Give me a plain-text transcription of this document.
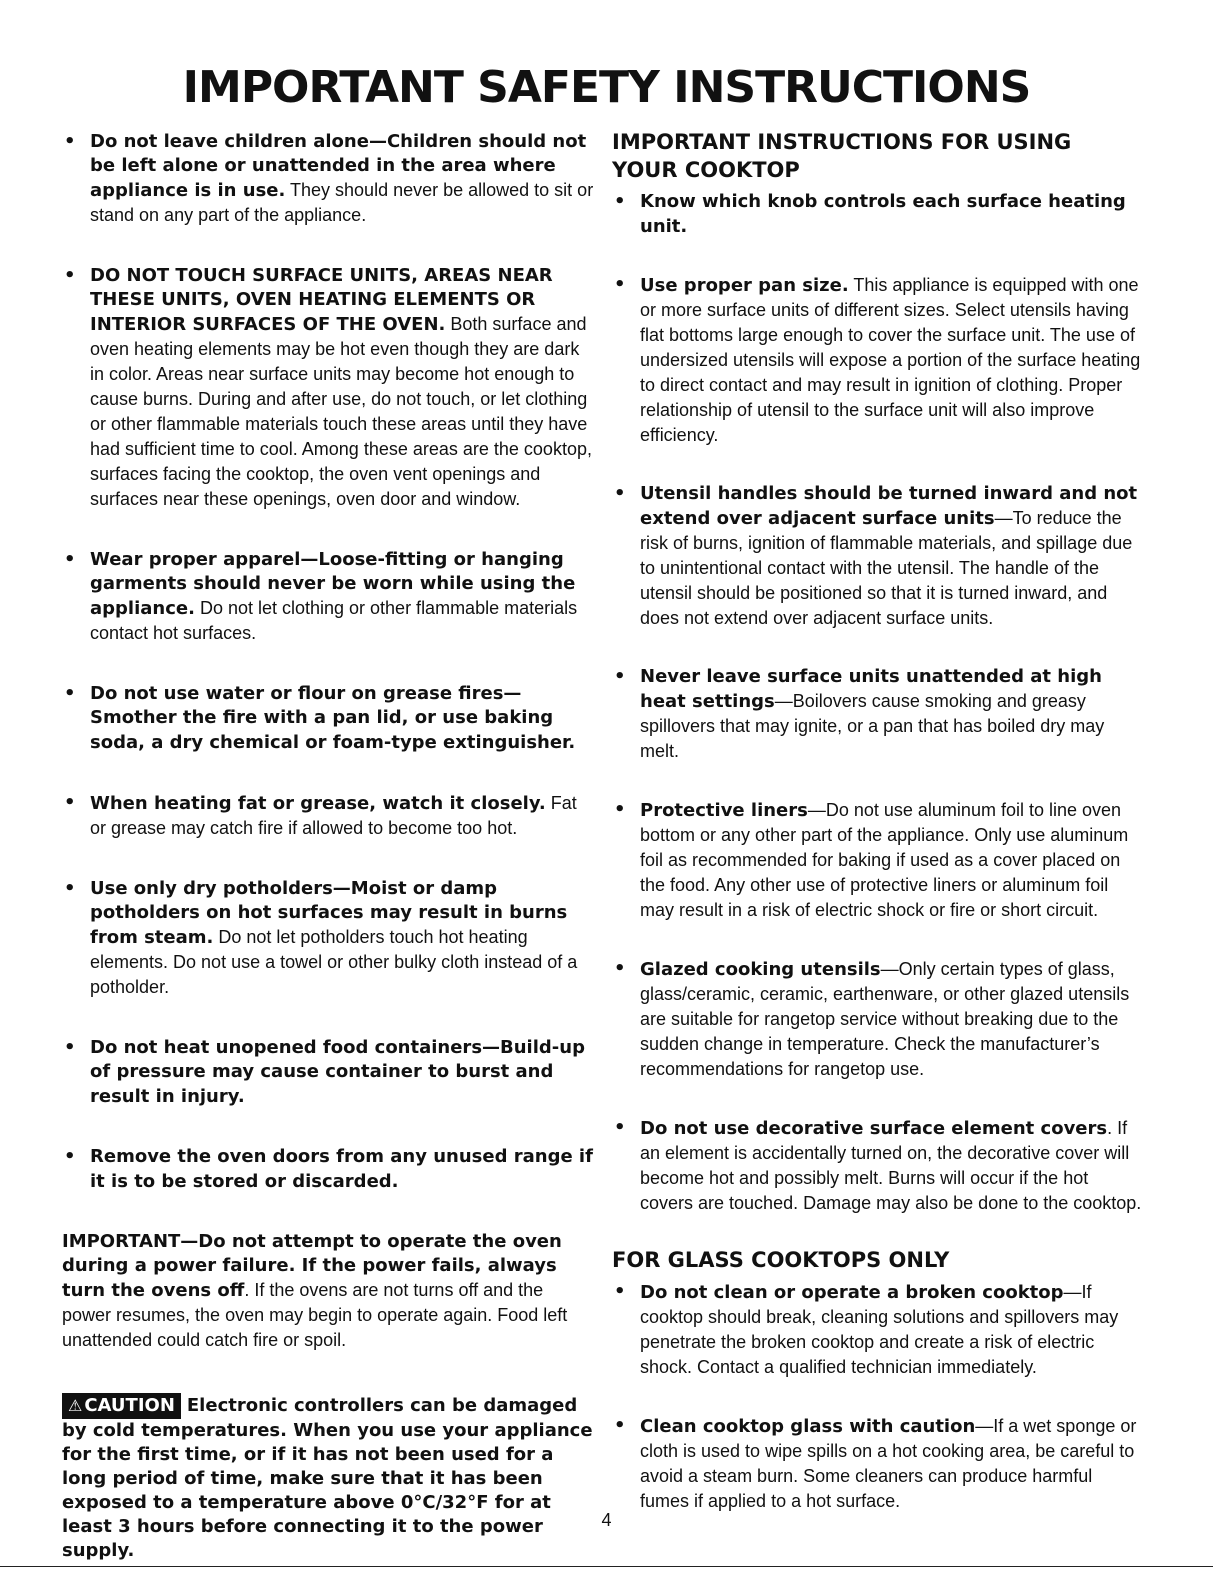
IMPORTANT SAFETY INSTRUCTIONS
• Do not leave children alone—Children should not be left alone or unattended in the area where appliance is in use. They should never be allowed to sit or stand on any part of the appliance.
• DO NOT TOUCH SURFACE UNITS, AREAS NEAR THESE UNITS, OVEN HEATING ELEMENTS OR INTERIOR SURFACES OF THE OVEN. Both surface and oven heating elements may be hot even though they are dark in color. Areas near surface units may become hot enough to cause burns. During and after use, do not touch, or let clothing or other flammable materials touch these areas until they have had sufficient time to cool. Among these areas are the cooktop, surfaces facing the cooktop, the oven vent openings and surfaces near these openings, oven door and window.
• Wear proper apparel—Loose-fitting or hanging garments should never be worn while using the appliance. Do not let clothing or other flammable materials contact hot surfaces.
• Do not use water or flour on grease fires—Smother the fire with a pan lid, or use baking soda, a dry chemical or foam-type extinguisher.
• When heating fat or grease, watch it closely. Fat or grease may catch fire if allowed to become too hot.
• Use only dry potholders—Moist or damp potholders on hot surfaces may result in burns from steam. Do not let potholders touch hot heating elements. Do not use a towel or other bulky cloth instead of a potholder.
• Do not heat unopened food containers—Build-up of pressure may cause container to burst and result in injury.
• Remove the oven doors from any unused range if it is to be stored or discarded.

IMPORTANT—Do not attempt to operate the oven during a power failure. If the power fails, always turn the ovens off. If the ovens are not turns off and the power resumes, the oven may begin to operate again. Food left unattended could catch fire or spoil.

⚠ CAUTION Electronic controllers can be damaged by cold temperatures. When you use your appliance for the first time, or if it has not been used for a long period of time, make sure that it has been exposed to a temperature above 0°C/32°F for at least 3 hours before connecting it to the power supply.

IMPORTANT INSTRUCTIONS FOR USING YOUR COOKTOP
• Know which knob controls each surface heating unit.
• Use proper pan size. This appliance is equipped with one or more surface units of different sizes. Select utensils having flat bottoms large enough to cover the surface unit. The use of undersized utensils will expose a portion of the surface heating to direct contact and may result in ignition of clothing. Proper relationship of utensil to the surface unit will also improve efficiency.
• Utensil handles should be turned inward and not extend over adjacent surface units—To reduce the risk of burns, ignition of flammable materials, and spillage due to unintentional contact with the utensil. The handle of the utensil should be positioned so that it is turned inward, and does not extend over adjacent surface units.
• Never leave surface units unattended at high heat settings—Boilovers cause smoking and greasy spillovers that may ignite, or a pan that has boiled dry may melt.
• Protective liners—Do not use aluminum foil to line oven bottom or any other part of the appliance. Only use aluminum foil as recommended for baking if used as a cover placed on the food. Any other use of protective liners or aluminum foil may result in a risk of electric shock or fire or short circuit.
• Glazed cooking utensils—Only certain types of glass, glass/ceramic, ceramic, earthenware, or other glazed utensils are suitable for rangetop service without breaking due to the sudden change in temperature. Check the manufacturer’s recommendations for rangetop use.
• Do not use decorative surface element covers. If an element is accidentally turned on, the decorative cover will become hot and possibly melt. Burns will occur if the hot covers are touched. Damage may also be done to the cooktop.
FOR GLASS COOKTOPS ONLY
• Do not clean or operate a broken cooktop—If cooktop should break, cleaning solutions and spillovers may penetrate the broken cooktop and create a risk of electric shock. Contact a qualified technician immediately.
• Clean cooktop glass with caution—If a wet sponge or cloth is used to wipe spills on a hot cooking area, be careful to avoid a steam burn. Some cleaners can produce harmful fumes if applied to a hot surface.
4
